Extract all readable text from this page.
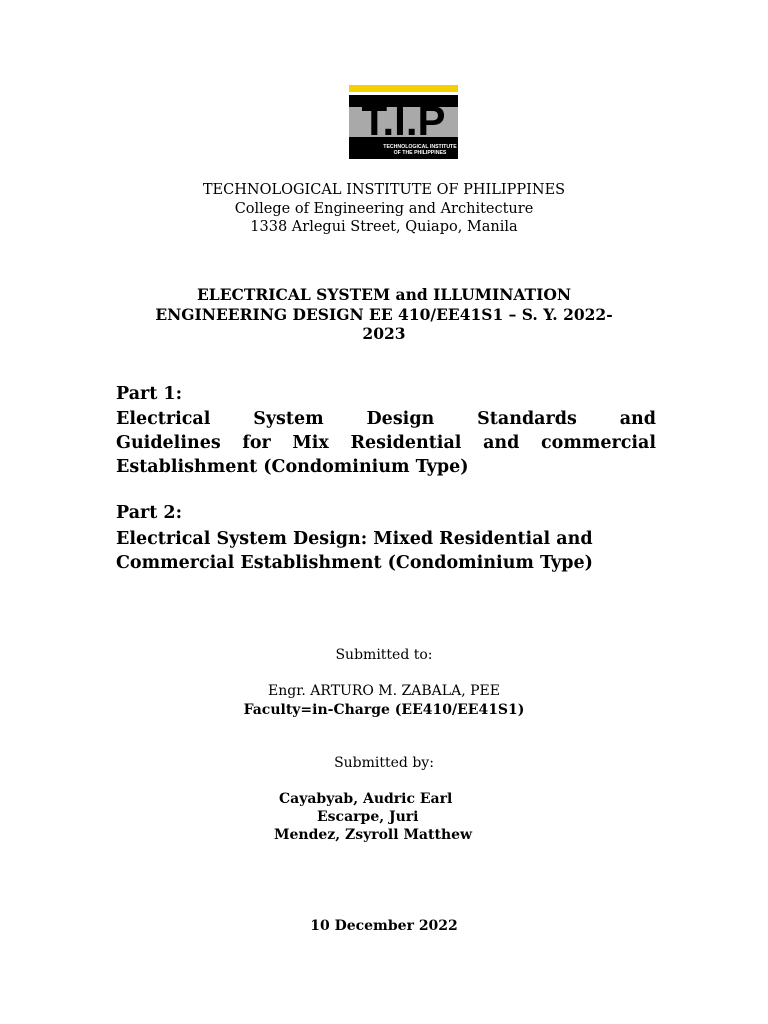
T.I.P
TECHNOLOGICAL INSTITUTE
OF THE PHILIPPINES
TECHNOLOGICAL INSTITUTE OF PHILIPPINES
College of Engineering and Architecture
1338 Arlegui Street, Quiapo, Manila
ELECTRICAL SYSTEM and ILLUMINATION
ENGINEERING DESIGN EE 410/EE41S1 – S. Y. 2022-
2023
Part 1:
Electrical System Design Standards and
Guidelines for Mix Residential and commercial
Establishment (Condominium Type)
Part 2:
Electrical System Design: Mixed Residential and
Commercial Establishment (Condominium Type)
Submitted to:
Engr. ARTURO M. ZABALA, PEE
Faculty=in-Charge (EE410/EE41S1)
Submitted by:
Cayabyab, Audric Earl
Escarpe, Juri
Mendez, Zsyroll Matthew
10 December 2022
